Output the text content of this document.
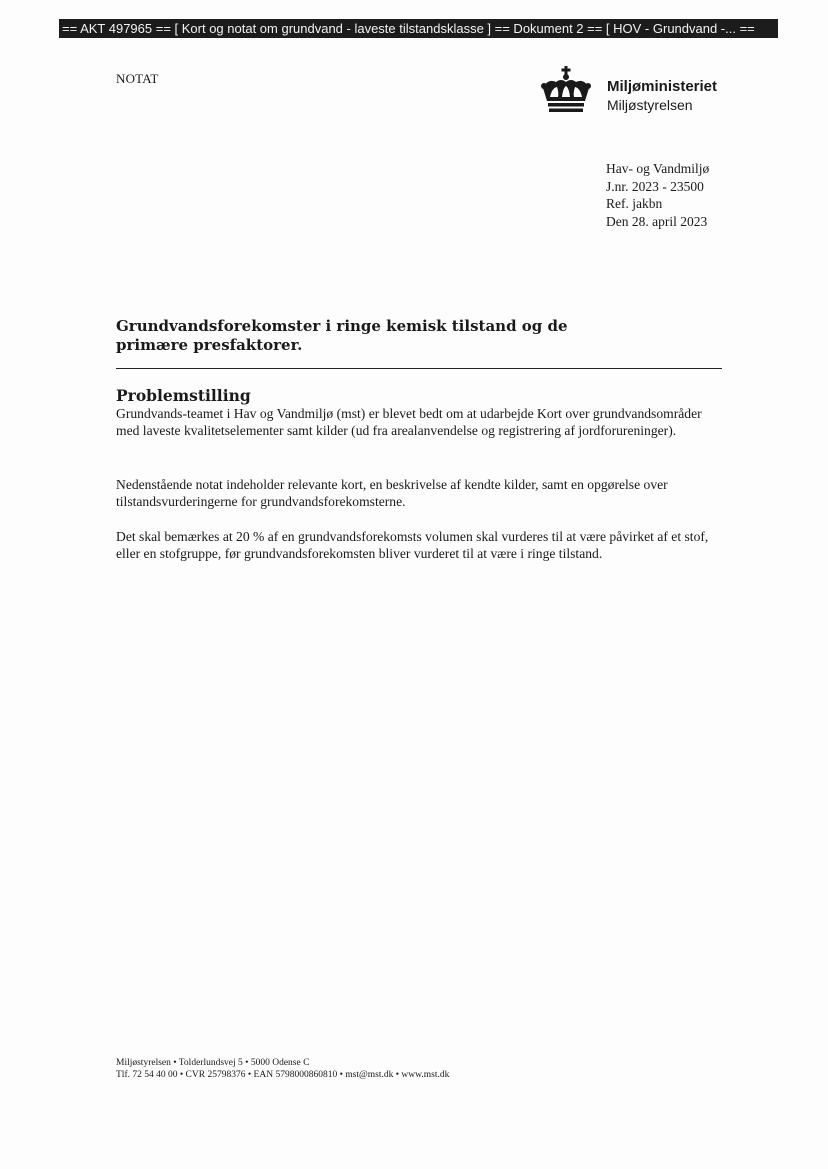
== AKT 497965 == [ Kort og notat om grundvand - laveste tilstandsklasse ] == Dokument 2 == [ HOV - Grundvand -... ==
NOTAT	Miljøministeriet
Miljøstyrelsen
Hav- og Vandmiljø
J.nr. 2023 - 23500
Ref. jakbn
Den 28. april 2023
Grundvandsforekomster i ringe kemisk tilstand og de primære presfaktorer.
Problemstilling
Grundvands-teamet i Hav og Vandmiljø (mst) er blevet bedt om at udarbejde Kort over grundvandsområder med laveste kvalitetselementer samt kilder (ud fra arealanvendelse og registrering af jordforureninger).
Nedenstående notat indeholder relevante kort, en beskrivelse af kendte kilder, samt en opgørelse over tilstandsvurderingerne for grundvandsforekomsterne.
Det skal bemærkes at 20 % af en grundvandsforekomsts volumen skal vurderes til at være påvirket af et stof, eller en stofgruppe, før grundvandsforekomsten bliver vurderet til at være i ringe tilstand.
Miljøstyrelsen • Tolderlundsvej 5 • 5000 Odense C
Tlf. 72 54 40 00 • CVR 25798376 • EAN 5798000860810 • mst@mst.dk • www.mst.dk
